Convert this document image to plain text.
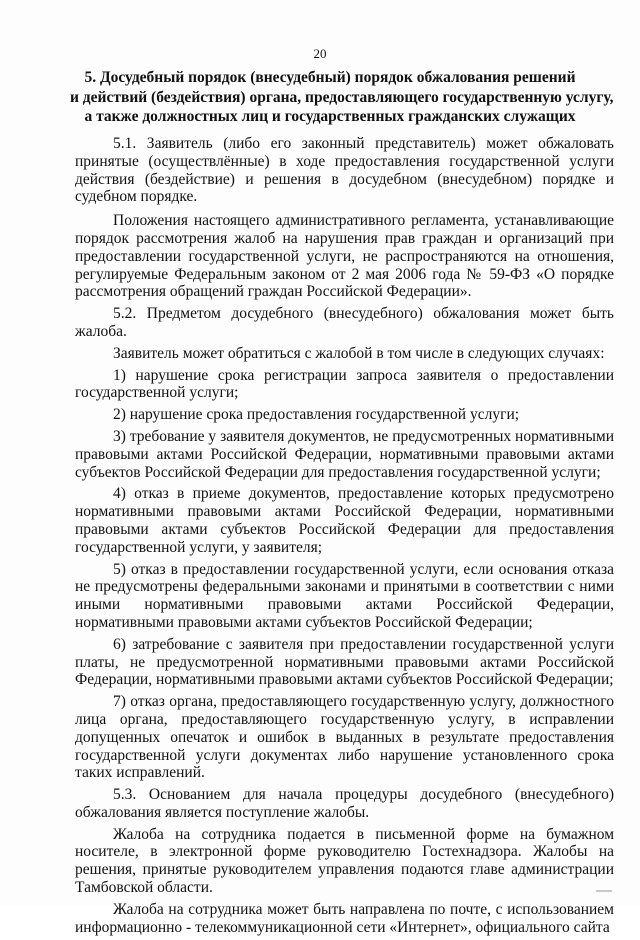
20
5. Досудебный порядок (внесудебный) порядок обжалования решений
и действий (бездействия) органа, предоставляющего государственную услугу,
а также должностных лиц и государственных гражданских служащих

5.1. Заявитель (либо его законный представитель) может обжаловать принятые (осуществлённые) в ходе предоставления государственной услуги действия (бездействие) и решения в досудебном (внесудебном) порядке и судебном порядке.

Положения настоящего административного регламента, устанавливающие порядок рассмотрения жалоб на нарушения прав граждан и организаций при предоставлении государственной услуги, не распространяются на отношения, регулируемые Федеральным законом от 2 мая 2006 года № 59-ФЗ «О порядке рассмотрения обращений граждан Российской Федерации».

5.2. Предметом досудебного (внесудебного) обжалования может быть жалоба.

Заявитель может обратиться с жалобой в том числе в следующих случаях:

1) нарушение срока регистрации запроса заявителя о предоставлении государственной услуги;

2) нарушение срока предоставления государственной услуги;

3) требование у заявителя документов, не предусмотренных нормативными правовыми актами Российской Федерации, нормативными правовыми актами субъектов Российской Федерации для предоставления государственной услуги;

4) отказ в приеме документов, предоставление которых предусмотрено нормативными правовыми актами Российской Федерации, нормативными правовыми актами субъектов Российской Федерации для предоставления государственной услуги, у заявителя;

5) отказ в предоставлении государственной услуги, если основания отказа не предусмотрены федеральными законами и принятыми в соответствии с ними иными нормативными правовыми актами Российской Федерации, нормативными правовыми актами субъектов Российской Федерации;

6) затребование с заявителя при предоставлении государственной услуги платы, не предусмотренной нормативными правовыми актами Российской Федерации, нормативными правовыми актами субъектов Российской Федерации;

7) отказ органа, предоставляющего государственную услугу, должностного лица органа, предоставляющего государственную услугу, в исправлении допущенных опечаток и ошибок в выданных в результате предоставления государственной услуги документах либо нарушение установленного срока таких исправлений.

5.3. Основанием для начала процедуры досудебного (внесудебного) обжалования является поступление жалобы.

Жалоба на сотрудника подается в письменной форме на бумажном носителе, в электронной форме руководителю Гостехнадзора. Жалобы на решения, принятые руководителем управления подаются главе администрации Тамбовской области.

Жалоба на сотрудника может быть направлена по почте, с использованием информационно - телекоммуникационной сети «Интернет», официального сайта
